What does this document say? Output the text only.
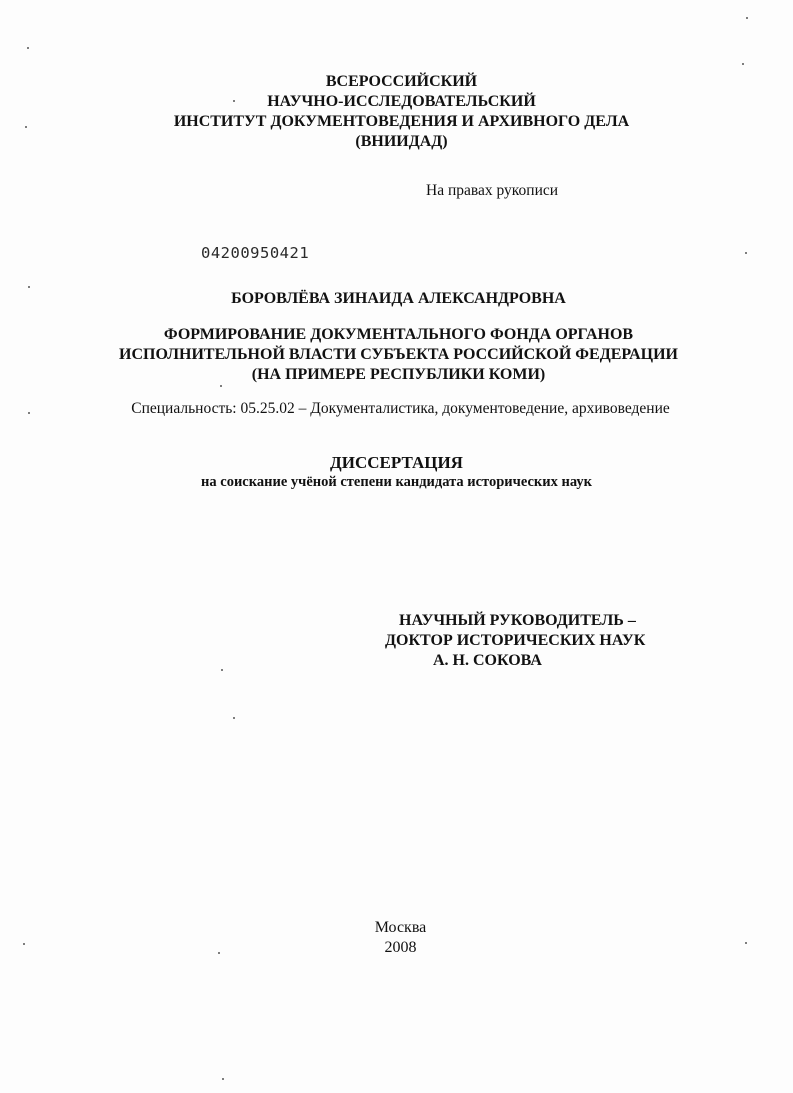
ВСЕРОССИЙСКИЙ
НАУЧНО-ИССЛЕДОВАТЕЛЬСКИЙ
ИНСТИТУТ ДОКУМЕНТОВЕДЕНИЯ И АРХИВНОГО ДЕЛА
(ВНИИДАД)
На правах рукописи
04200950421
БОРОВЛЁВА ЗИНАИДА АЛЕКСАНДРОВНА
ФОРМИРОВАНИЕ ДОКУМЕНТАЛЬНОГО ФОНДА ОРГАНОВ
ИСПОЛНИТЕЛЬНОЙ ВЛАСТИ СУБЪЕКТА РОССИЙСКОЙ ФЕДЕРАЦИИ
(НА ПРИМЕРЕ РЕСПУБЛИКИ КОМИ)
Специальность: 05.25.02 – Документалистика, документоведение, архивоведение
ДИССЕРТАЦИЯ
на соискание учёной степени кандидата исторических наук
НАУЧНЫЙ РУКОВОДИТЕЛЬ –
ДОКТОР ИСТОРИЧЕСКИХ НАУК
А. Н. СОКОВА
Москва
2008
